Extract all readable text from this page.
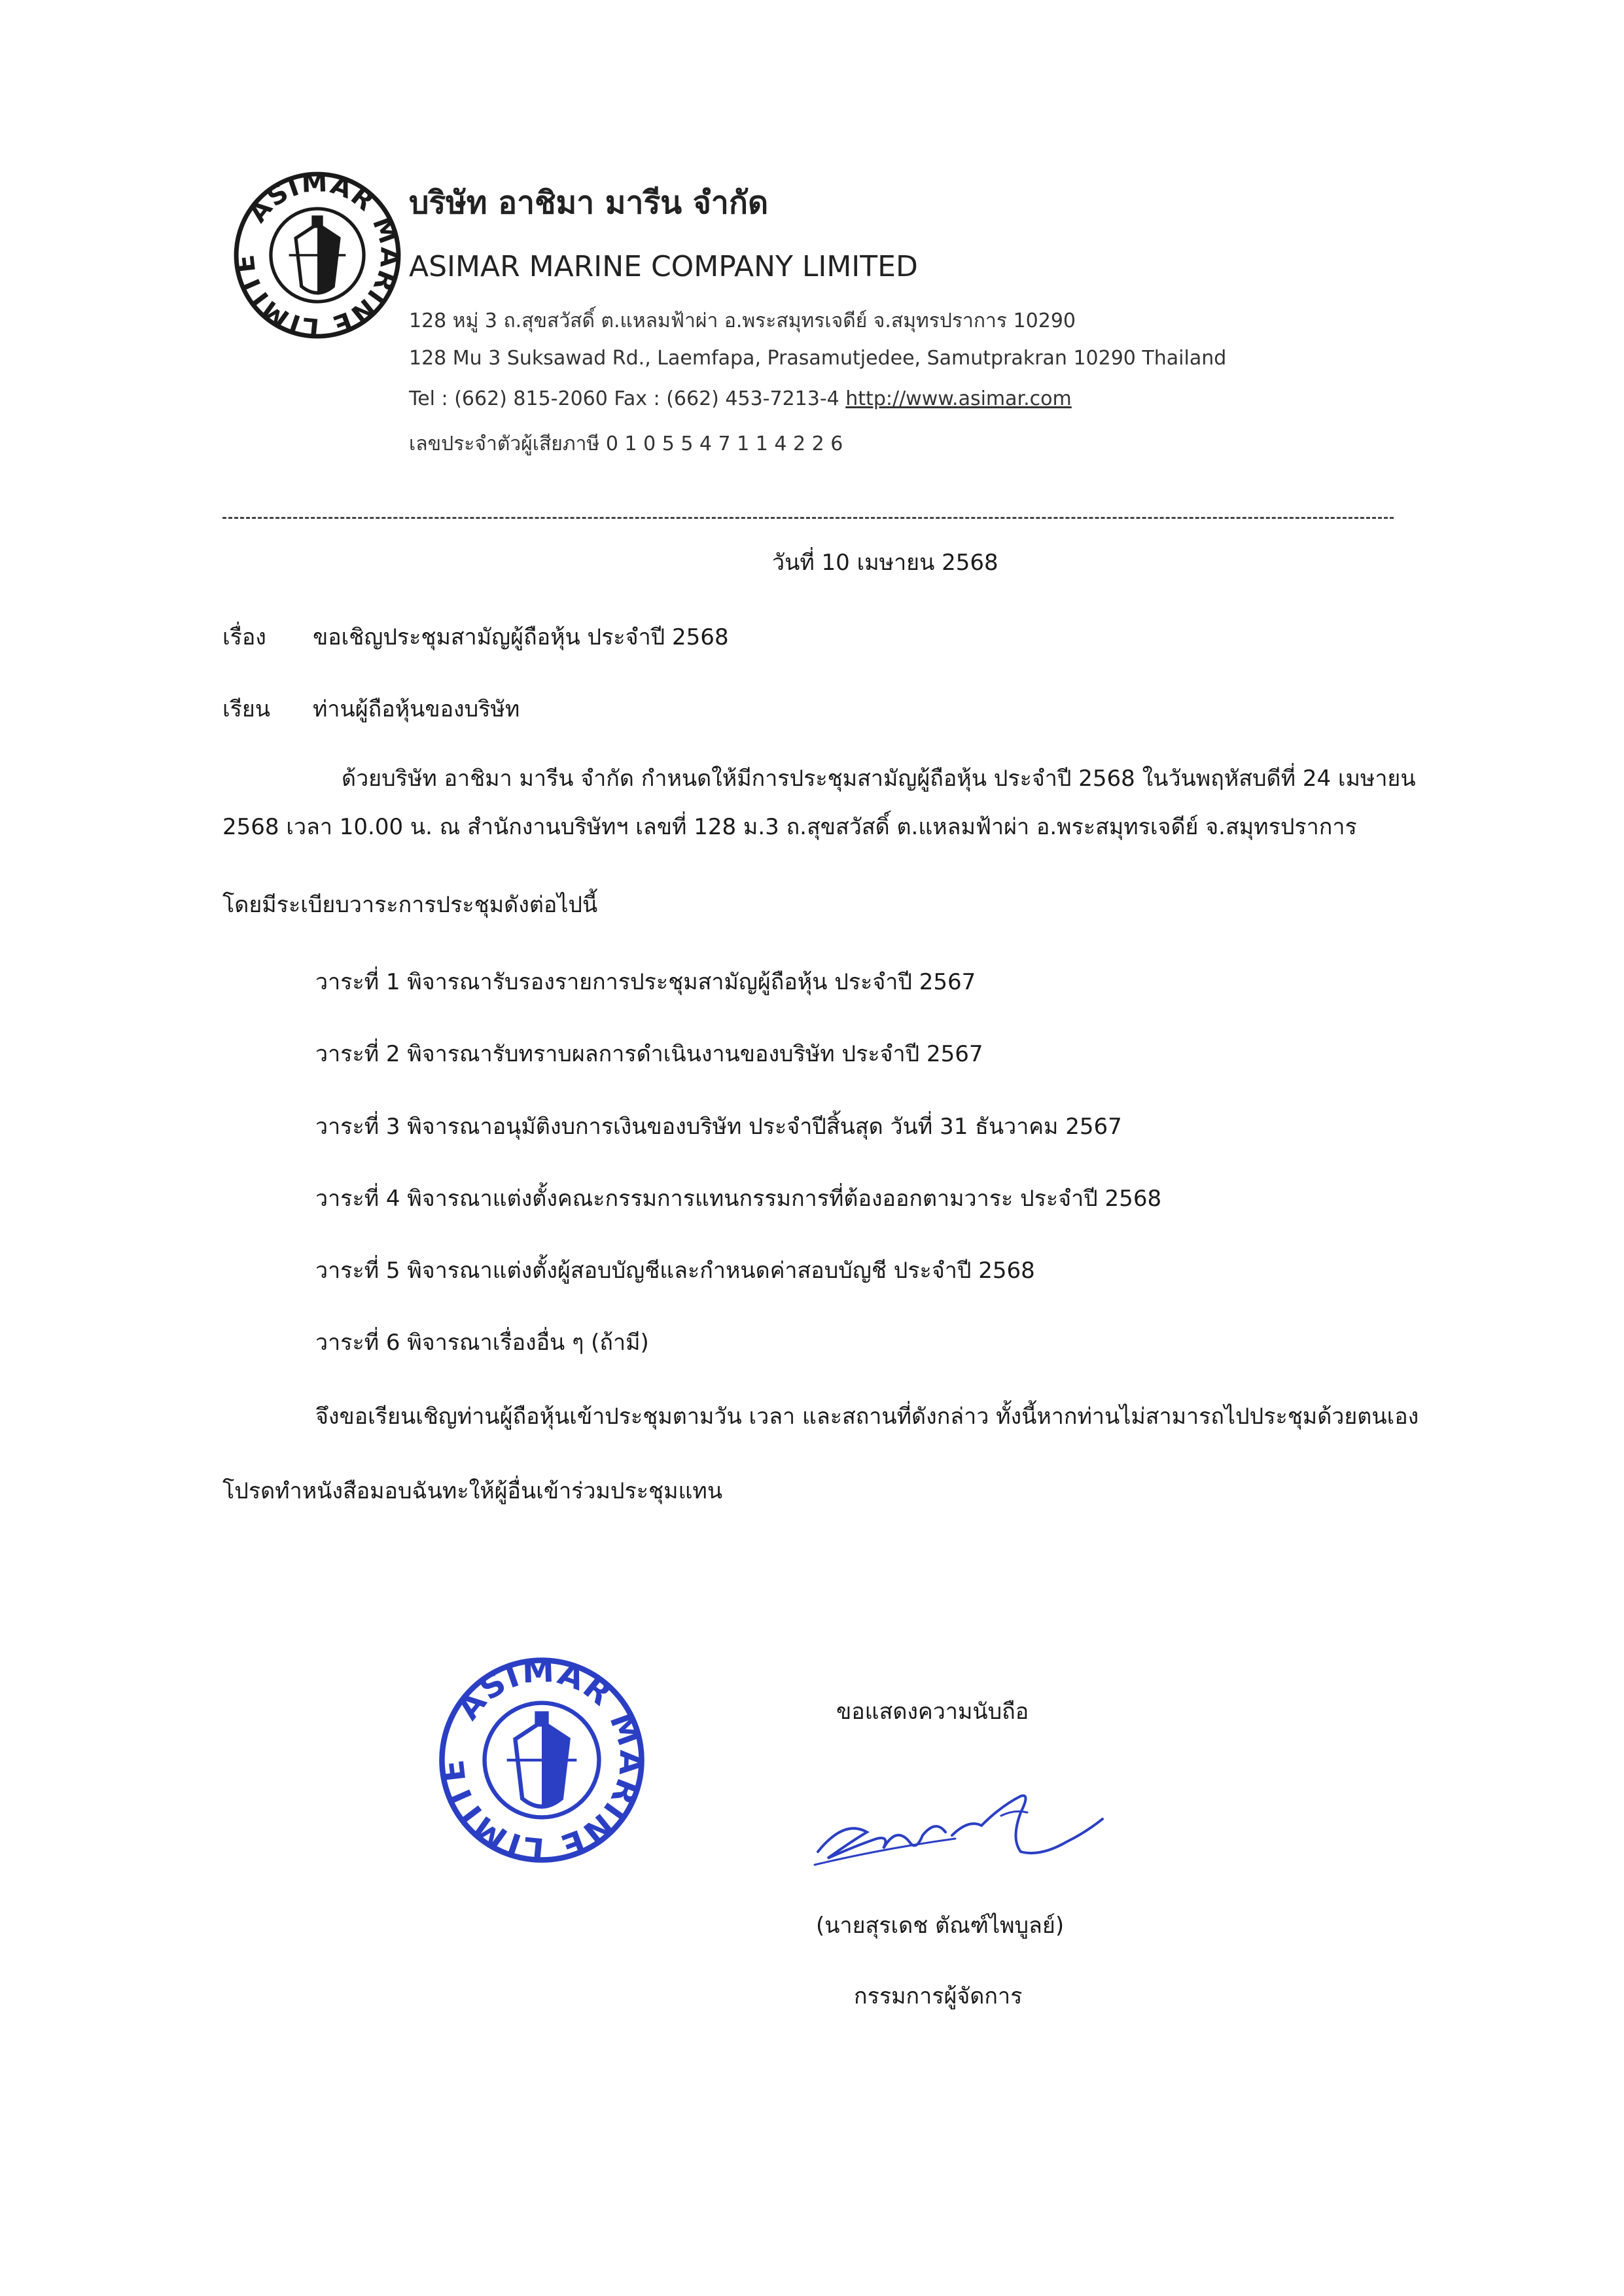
ASIMAR MARINE LIMITE
บริษัท อาชิมา มารีน จำกัด
ASIMAR MARINE COMPANY LIMITED
128 หมู่ 3 ถ.สุขสวัสดิ์ ต.แหลมฟ้าผ่า อ.พระสมุทรเจดีย์ จ.สมุทรปราการ 10290
128 Mu 3 Suksawad Rd., Laemfapa, Prasamutjedee, Samutprakran 10290 Thailand
Tel : (662) 815-2060 Fax : (662) 453-7213-4 http://www.asimar.com
เลขประจำตัวผู้เสียภาษี 0 1 0 5 5 4 7 1 1 4 2 2 6
วันที่ 10 เมษายน 2568
เรื่อง ขอเชิญประชุมสามัญผู้ถือหุ้น ประจำปี 2568
เรียน ท่านผู้ถือหุ้นของบริษัท
ด้วยบริษัท อาชิมา มารีน จำกัด กำหนดให้มีการประชุมสามัญผู้ถือหุ้น ประจำปี 2568 ในวันพฤหัสบดีที่ 24 เมษายน
2568 เวลา 10.00 น. ณ สำนักงานบริษัทฯ เลขที่ 128 ม.3 ถ.สุขสวัสดิ์ ต.แหลมฟ้าผ่า อ.พระสมุทรเจดีย์ จ.สมุทรปราการ
โดยมีระเบียบวาระการประชุมดังต่อไปนี้
วาระที่ 1 พิจารณารับรองรายการประชุมสามัญผู้ถือหุ้น ประจำปี 2567
วาระที่ 2 พิจารณารับทราบผลการดำเนินงานของบริษัท ประจำปี 2567
วาระที่ 3 พิจารณาอนุมัติงบการเงินของบริษัท ประจำปีสิ้นสุด วันที่ 31 ธันวาคม 2567
วาระที่ 4 พิจารณาแต่งตั้งคณะกรรมการแทนกรรมการที่ต้องออกตามวาระ ประจำปี 2568
วาระที่ 5 พิจารณาแต่งตั้งผู้สอบบัญชีและกำหนดค่าสอบบัญชี ประจำปี 2568
วาระที่ 6 พิจารณาเรื่องอื่น ๆ (ถ้ามี)
จึงขอเรียนเชิญท่านผู้ถือหุ้นเข้าประชุมตามวัน เวลา และสถานที่ดังกล่าว ทั้งนี้หากท่านไม่สามารถไปประชุมด้วยตนเอง
โปรดทำหนังสือมอบฉันทะให้ผู้อื่นเข้าร่วมประชุมแทน
ASIMAR M RINE LIMIT
ขอแสดงความนับถือ
(นายสุรเดช ตัณฑ์ไพบูลย์)
กรรมการผู้จัดการ
